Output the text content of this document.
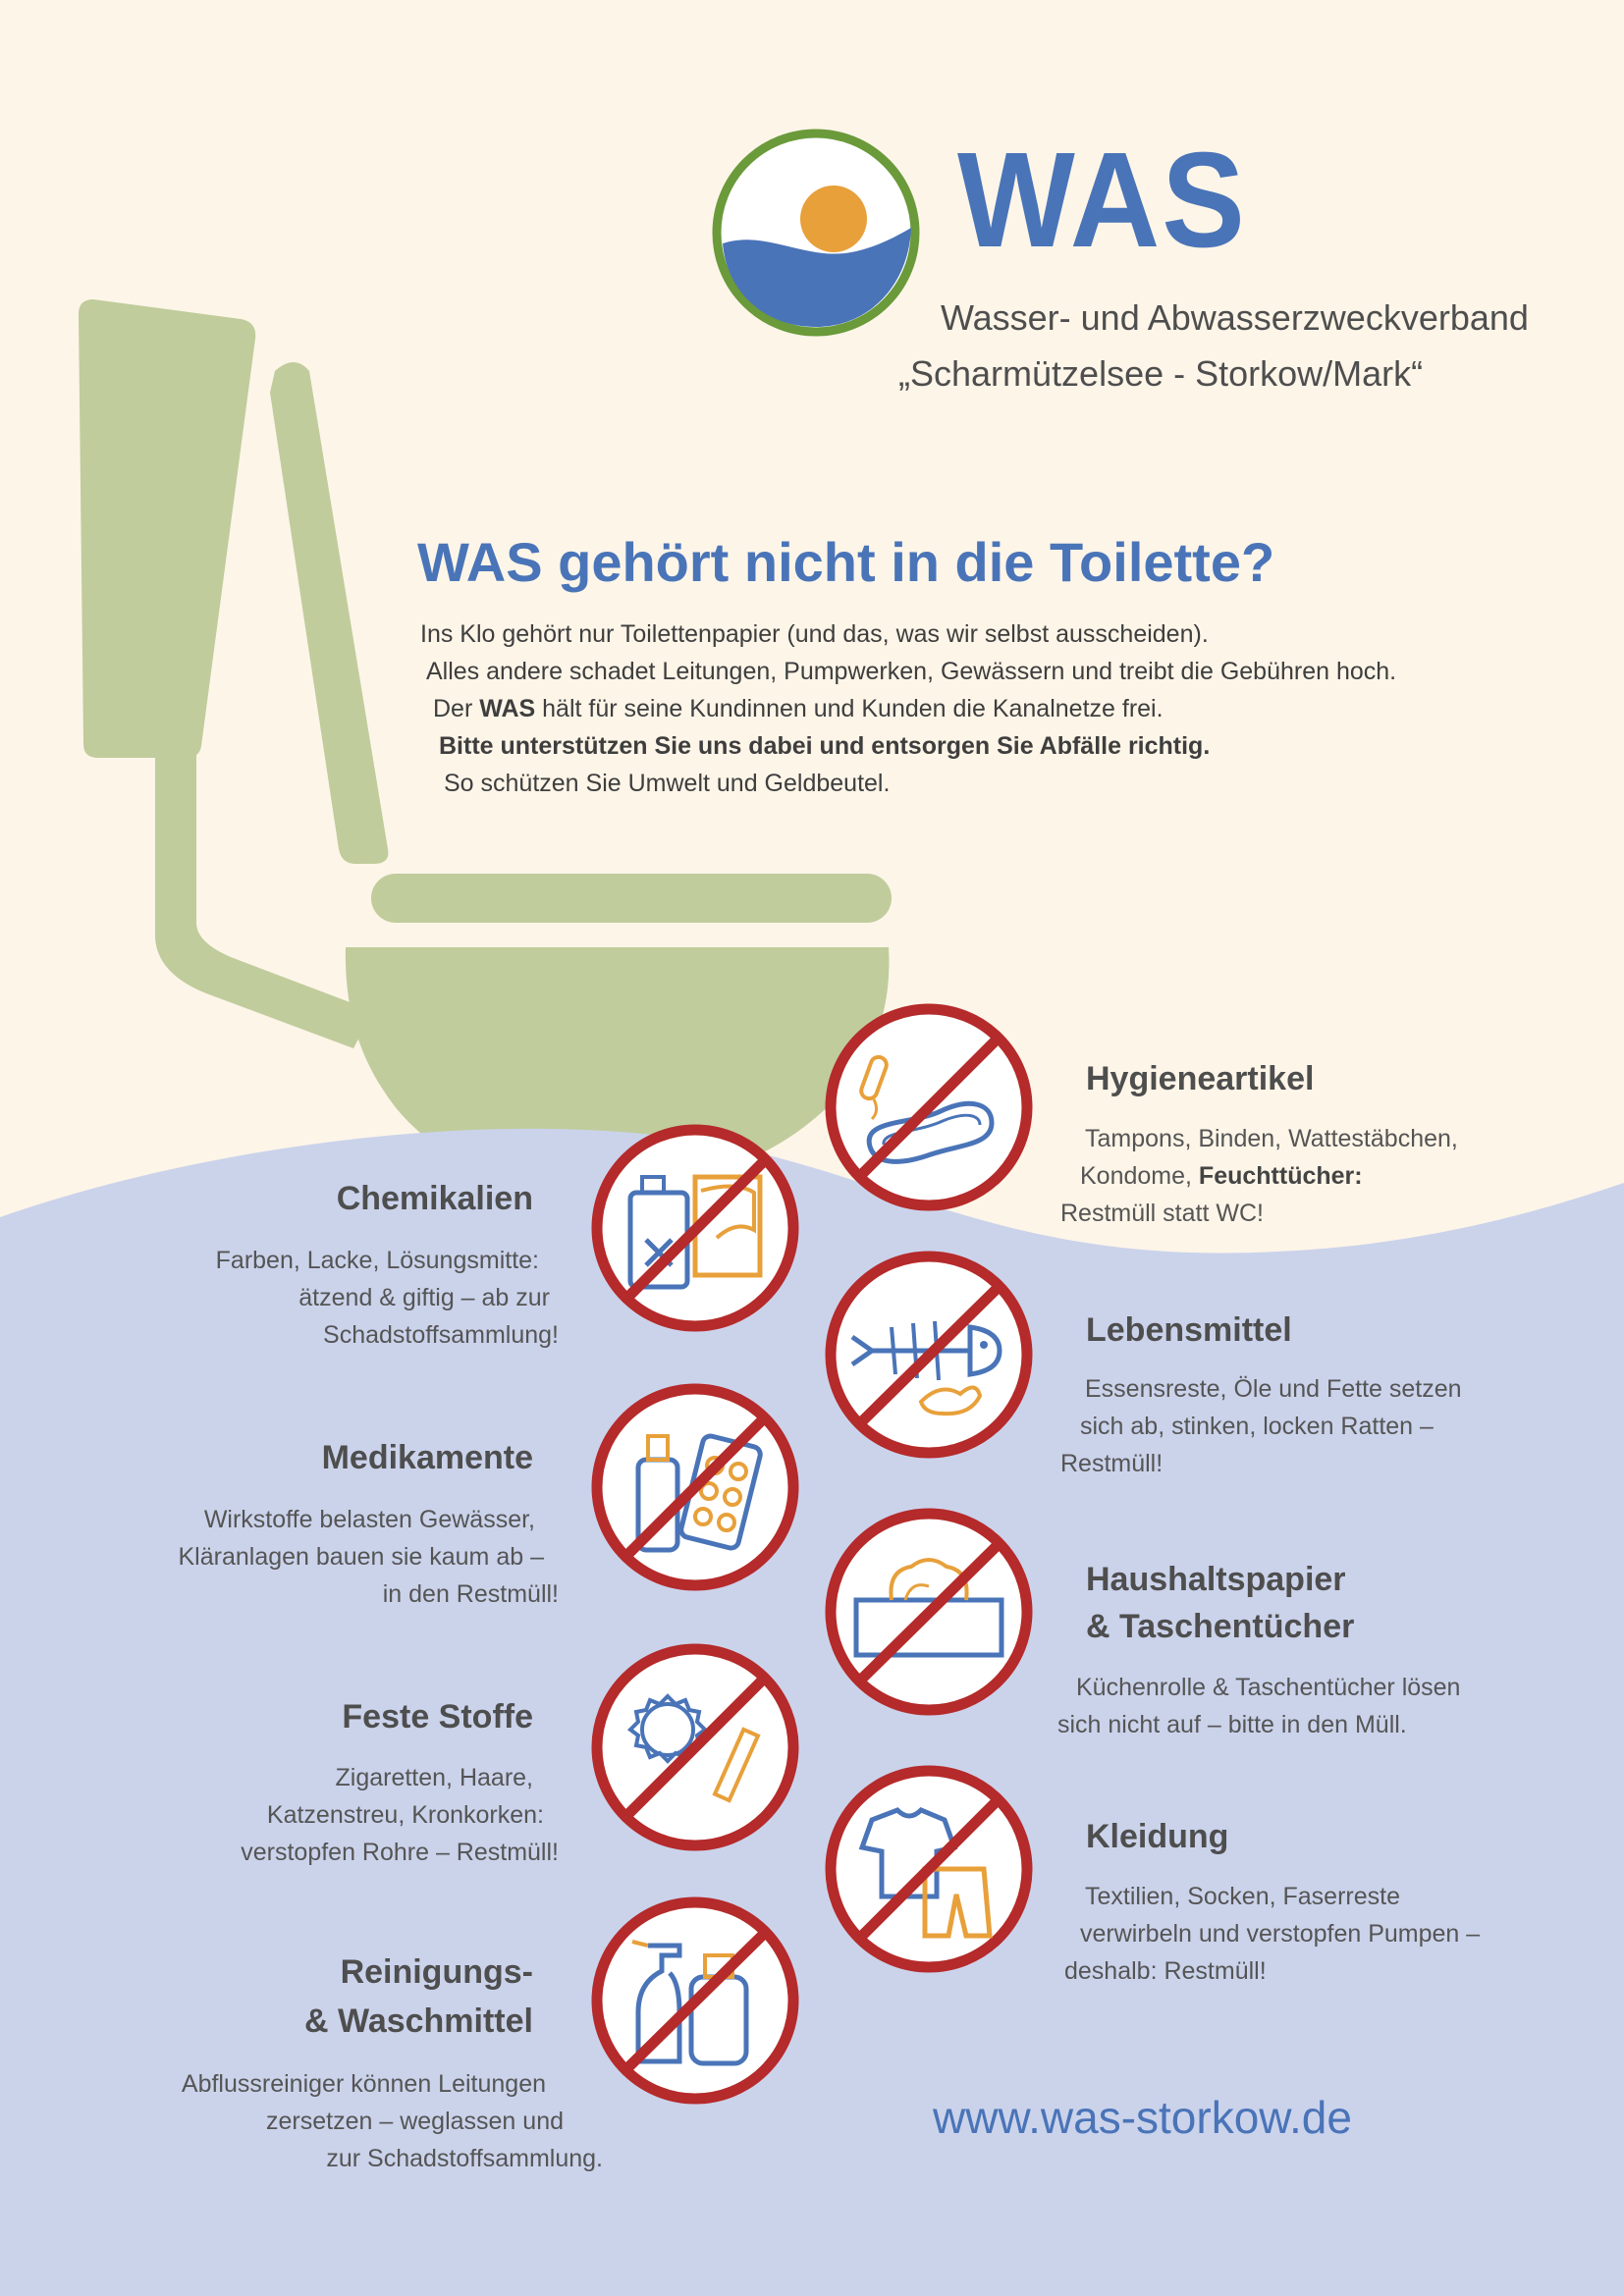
WAS
Wasser- und Abwasserzweckverband
„Scharmützelsee - Storkow/Mark“
WAS gehört nicht in die Toilette?
Ins Klo gehört nur Toilettenpapier (und das, was wir selbst ausscheiden).
Alles andere schadet Leitungen, Pumpwerken, Gewässern und treibt die Gebühren hoch.
Der WAS hält für seine Kundinnen und Kunden die Kanalnetze frei.
Bitte unterstützen Sie uns dabei und entsorgen Sie Abfälle richtig.
So schützen Sie Umwelt und Geldbeutel.
Hygieneartikel
Tampons, Binden, Wattestäbchen,
Kondome, Feuchttücher:
Restmüll statt WC!
Chemikalien
Farben, Lacke, Lösungsmitte:
ätzend & giftig – ab zur
Schadstoffsammlung!	Lebensmittel
Essensreste, Öle und Fette setzen
sich ab, stinken, locken Ratten –
Restmüll!
Medikamente
Wirkstoffe belasten Gewässer,
Kläranlagen bauen sie kaum ab –
in den Restmüll!	Haushaltspapier
& Taschentücher
Küchenrolle & Taschentücher lösen
sich nicht auf – bitte in den Müll.
Feste Stoffe
Zigaretten, Haare,
Katzenstreu, Kronkorken:
verstopfen Rohre – Restmüll!	Kleidung
Textilien, Socken, Faserreste
verwirbeln und verstopfen Pumpen –
deshalb: Restmüll!
Reinigungs-
& Waschmittel
Abflussreiniger können Leitungen
zersetzen – weglassen und
zur Schadstoffsammlung.
www.was-storkow.de
